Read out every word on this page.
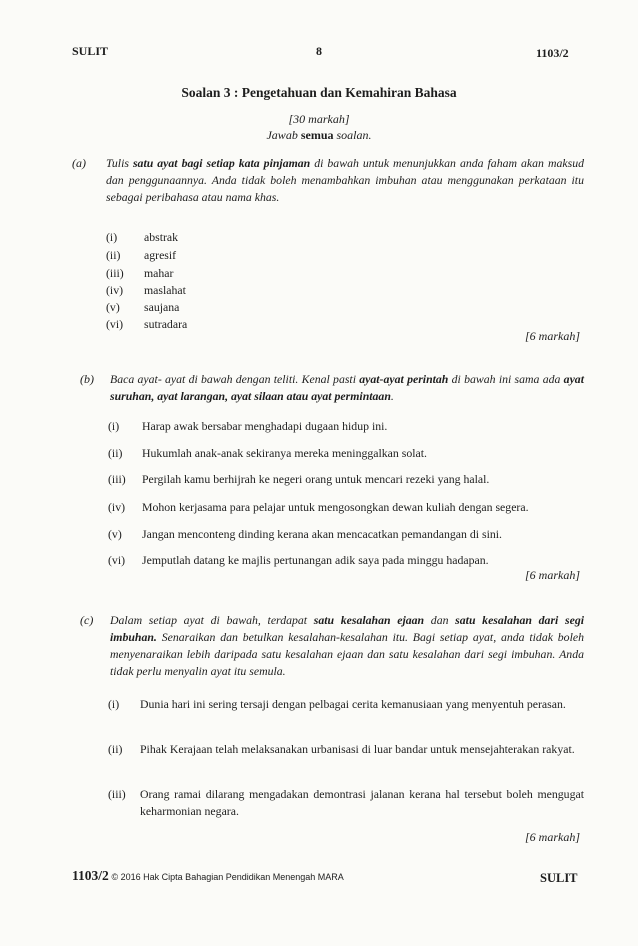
SULIT	8	1103/2
Soalan 3 : Pengetahuan dan Kemahiran Bahasa
[30 markah]
Jawab semua soalan.
(a) Tulis satu ayat bagi setiap kata pinjaman di bawah untuk menunjukkan anda faham akan maksud dan penggunaannya. Anda tidak boleh menambahkan imbuhan atau menggunakan perkataan itu sebagai peribahasa atau nama khas.
(i)	abstrak
(ii)	agresif
(iii)	mahar
(iv)	maslahat
(v)	saujana
(vi)	sutradara
[6 markah]
(b) Baca ayat- ayat di bawah dengan teliti. Kenal pasti ayat-ayat perintah di bawah ini sama ada ayat suruhan, ayat larangan, ayat silaan atau ayat permintaan.
(i)	Harap awak bersabar menghadapi dugaan hidup ini.
(ii)	Hukumlah anak-anak sekiranya mereka meninggalkan solat.
(iii)	Pergilah kamu berhijrah ke negeri orang untuk mencari rezeki yang halal.
(iv)	Mohon kerjasama para pelajar untuk mengosongkan dewan kuliah dengan segera.
(v)	Jangan menconteng dinding kerana akan mencacatkan pemandangan di sini.
(vi)	Jemputlah datang ke majlis pertunangan adik saya pada minggu hadapan.
[6 markah]
(c) Dalam setiap ayat di bawah, terdapat satu kesalahan ejaan dan satu kesalahan dari segi imbuhan. Senaraikan dan betulkan kesalahan-kesalahan itu. Bagi setiap ayat, anda tidak boleh menyenaraikan lebih daripada satu kesalahan ejaan dan satu kesalahan dari segi imbuhan. Anda tidak perlu menyalin ayat itu semula.
(i)	Dunia hari ini sering tersaji dengan pelbagai cerita kemanusiaan yang menyentuh perasan.
(ii)	Pihak Kerajaan telah melaksanakan urbanisasi di luar bandar untuk mensejahterakan rakyat.
(iii)	Orang ramai dilarang mengadakan demontrasi jalanan kerana hal tersebut boleh mengugat keharmonian negara.
[6 markah]
1103/2 © 2016 Hak Cipta Bahagian Pendidikan Menengah MARA	SULIT
